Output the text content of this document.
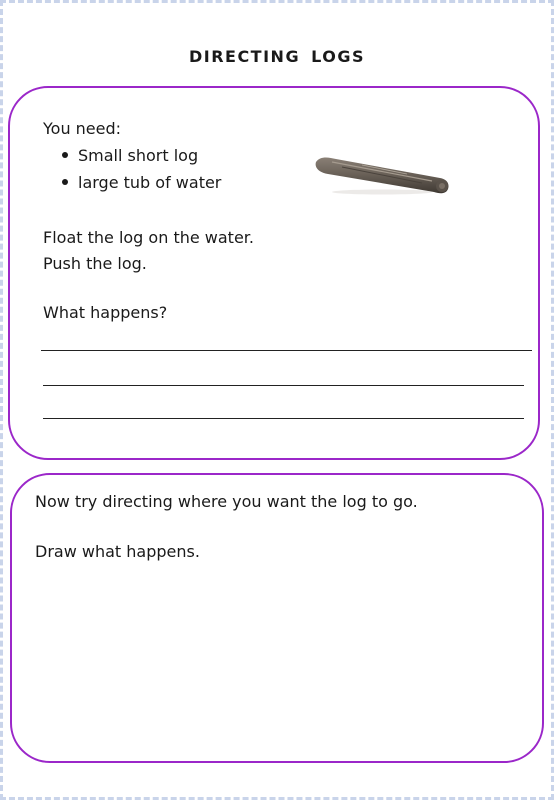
DIRECTING LOGS
You need:
Small short log
large tub of water
Float the log on the water.
Push the log.
What happens?
Now try directing where you want the log to go.
Draw what happens.
